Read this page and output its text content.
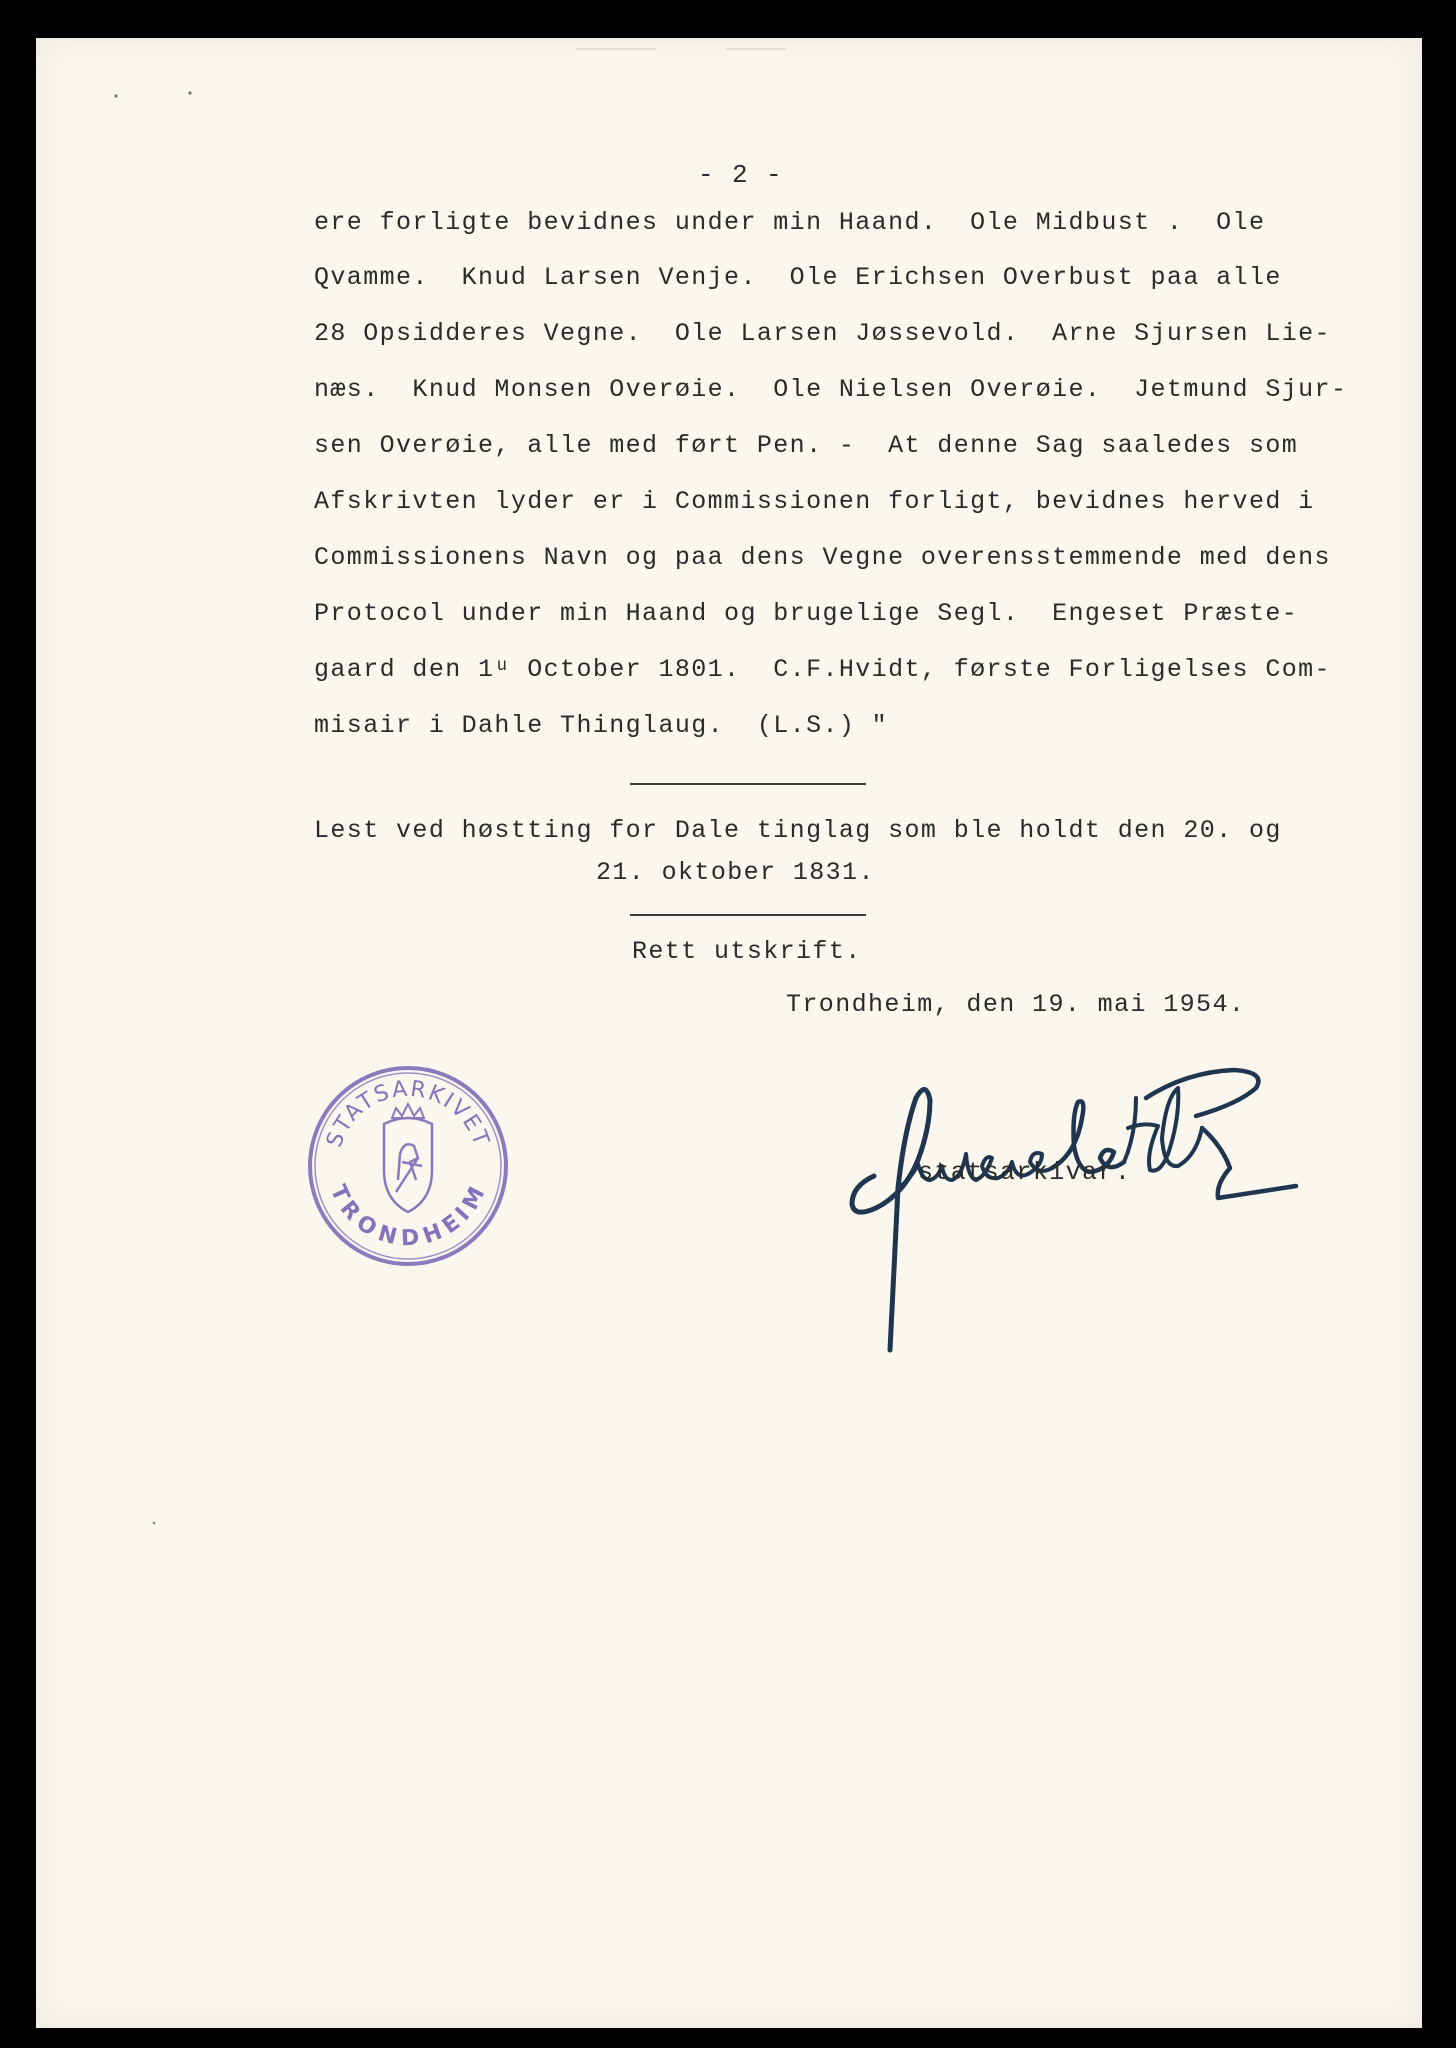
- 2 -
ere forligte bevidnes under min Haand.  Ole Midbust .  Ole
Qvamme.  Knud Larsen Venje.  Ole Erichsen Overbust paa alle
28 Opsidderes Vegne.  Ole Larsen Jøssevold.  Arne Sjursen Lie-
næs.  Knud Monsen Overøie.  Ole Nielsen Overøie.  Jetmund Sjur-
sen Overøie, alle med ført Pen. -  At denne Sag saaledes som
Afskrivten lyder er i Commissionen forligt, bevidnes herved i
Commissionens Navn og paa dens Vegne overensstemmende med dens
Protocol under min Haand og brugelige Segl.  Engeset Præste-
gaard den 1ᵘ October 1801.  C.F.Hvidt, første Forligelses Com-
misair i Dahle Thinglaug.  (L.S.) "
Lest ved høstting for Dale tinglag som ble holdt den 20. og
21. oktober 1831.
Rett utskrift.
Trondheim, den 19. mai 1954.
STATSARKIVET
TRONDHEIM
statsarkivar.
